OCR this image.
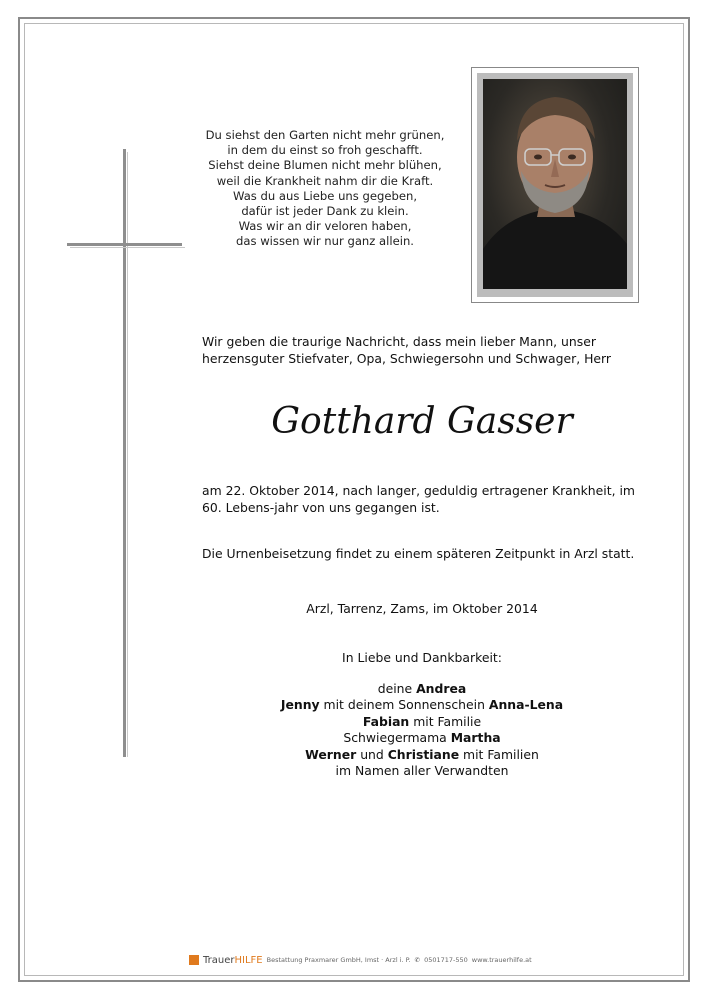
Du siehst den Garten nicht mehr grünen,
in dem du einst so froh geschafft.
Siehst deine Blumen nicht mehr blühen,
weil die Krankheit nahm dir die Kraft.
Was du aus Liebe uns gegeben,
dafür ist jeder Dank zu klein.
Was wir an dir veloren haben,
das wissen wir nur ganz allein.
Wir geben die traurige Nachricht, dass mein lieber Mann, unser herzensguter Stiefvater, Opa, Schwiegersohn und Schwager, Herr
Gotthard Gasser
am 22. Oktober 2014, nach langer, geduldig ertragener Krankheit, im 60. Lebens-jahr von uns gegangen ist.
Die Urnenbeisetzung findet zu einem späteren Zeitpunkt in Arzl statt.
Arzl, Tarrenz, Zams, im Oktober 2014
In Liebe und Dankbarkeit:
deine Andrea
Jenny mit deinem Sonnenschein Anna-Lena
Fabian mit Familie
Schwiegermama Martha
Werner und Christiane mit Familien
im Namen aller Verwandten
TrauerHILFE Bestattung Praxmarer GmbH, Imst · Arzl i. P. ✆ 0501717-550 www.trauerhilfe.at
